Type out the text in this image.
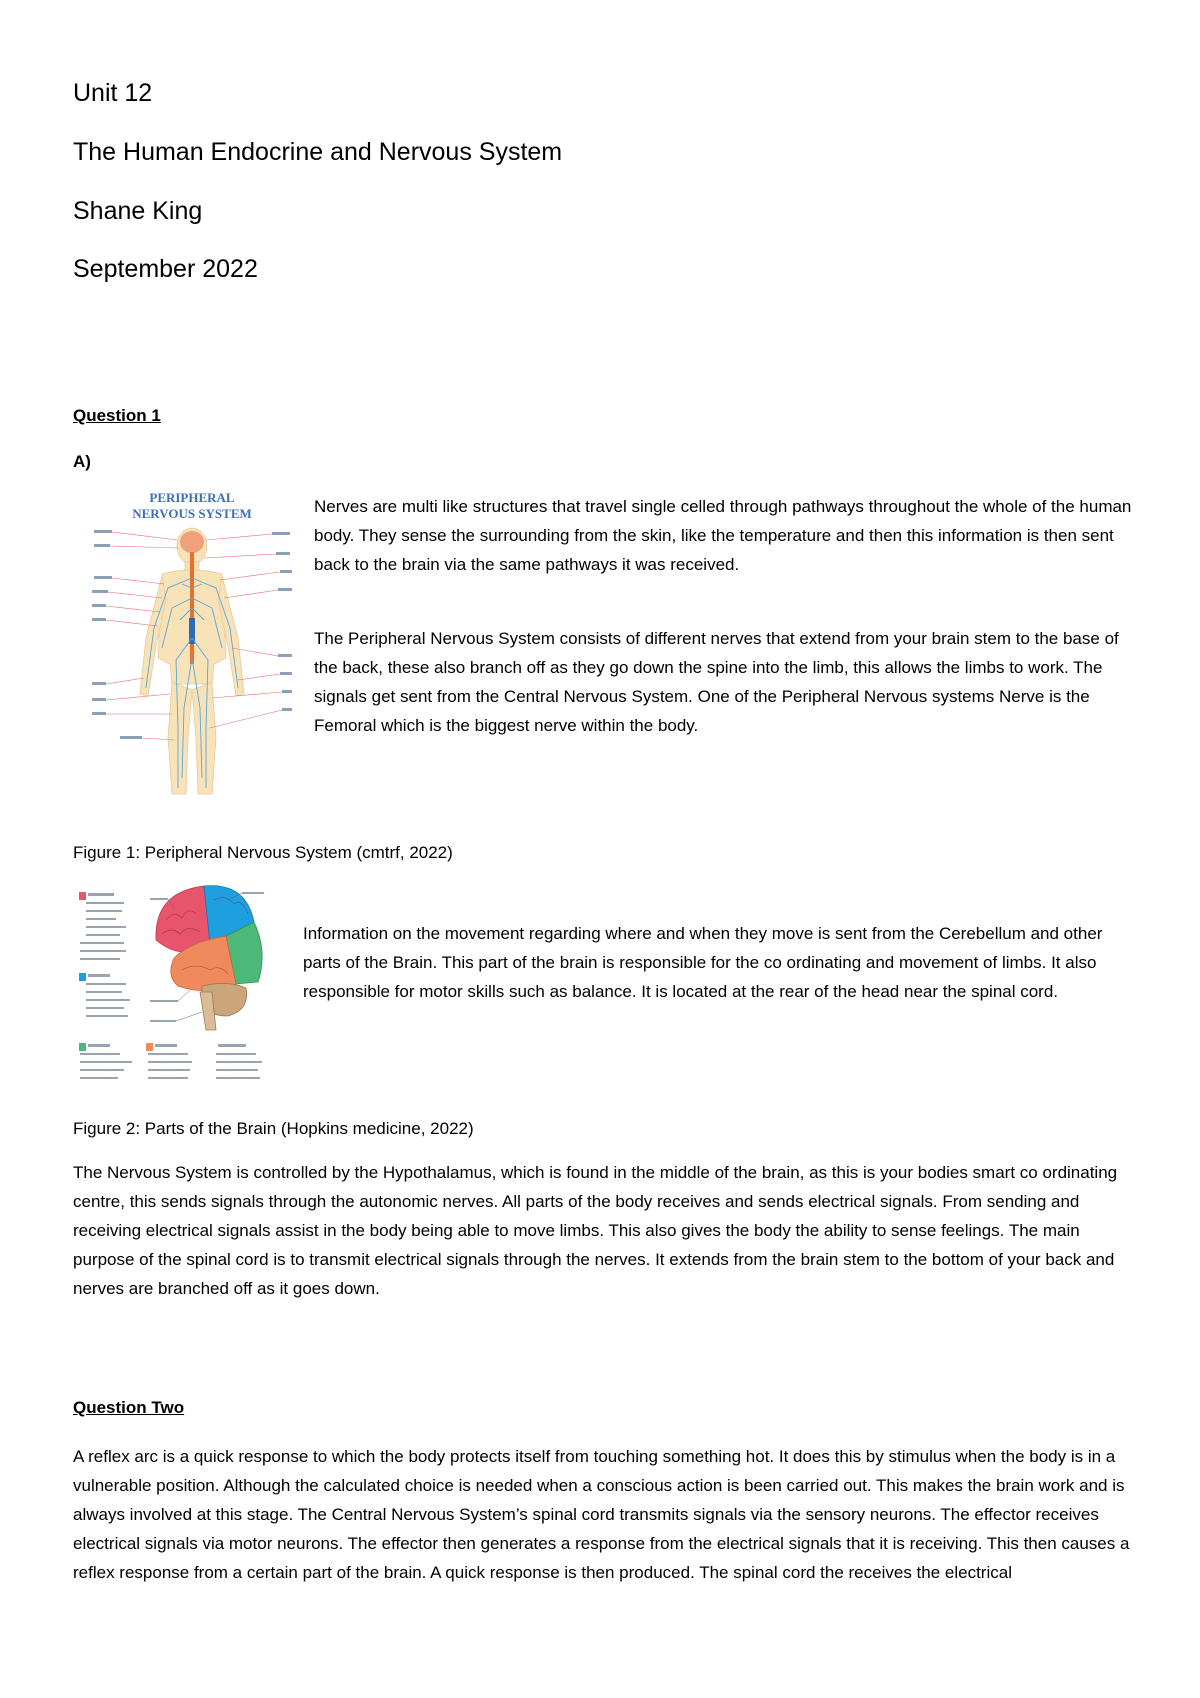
Unit 12
The Human Endocrine and Nervous System
Shane King
September 2022
Question 1
A)
PERIPHERAL
NERVOUS SYSTEM	Nerves are multi like structures that travel single celled through pathways throughout the whole of the human body. They sense the surrounding from the skin, like the temperature and then this information is then sent back to the brain via the same pathways it was received.

The Peripheral Nervous System consists of different nerves that extend from your brain stem to the base of the back, these also branch off as they go down the spine into the limb, this allows the limbs to work. The signals get sent from the Central Nervous System. One of the Peripheral Nervous systems Nerve is the Femoral which is the biggest nerve within the body.

Figure 1: Peripheral Nervous System (cmtrf, 2022)

Information on the movement regarding where and when they move is sent from the Cerebellum and other parts of the Brain. This part of the brain is responsible for the co ordinating and movement of limbs. It also responsible for motor skills such as balance. It is located at the rear of the head near the spinal cord.

Figure 2: Parts of the Brain (Hopkins medicine, 2022)

The Nervous System is controlled by the Hypothalamus, which is found in the middle of the brain, as this is your bodies smart co ordinating centre, this sends signals through the autonomic nerves. All parts of the body receives and sends electrical signals. From sending and receiving electrical signals assist in the body being able to move limbs. This also gives the body the ability to sense feelings. The main purpose of the spinal cord is to transmit electrical signals through the nerves. It extends from the brain stem to the bottom of your back and nerves are branched off as it goes down.

Question Two

A reflex arc is a quick response to which the body protects itself from touching something hot. It does this by stimulus when the body is in a vulnerable position. Although the calculated choice is needed when a conscious action is been carried out. This makes the brain work and is always involved at this stage. The Central Nervous System’s spinal cord transmits signals via the sensory neurons. The effector receives electrical signals via motor neurons. The effector then generates a response from the electrical signals that it is receiving. This then causes a reflex response from a certain part of the brain. A quick response is then produced. The spinal cord the receives the electrical
